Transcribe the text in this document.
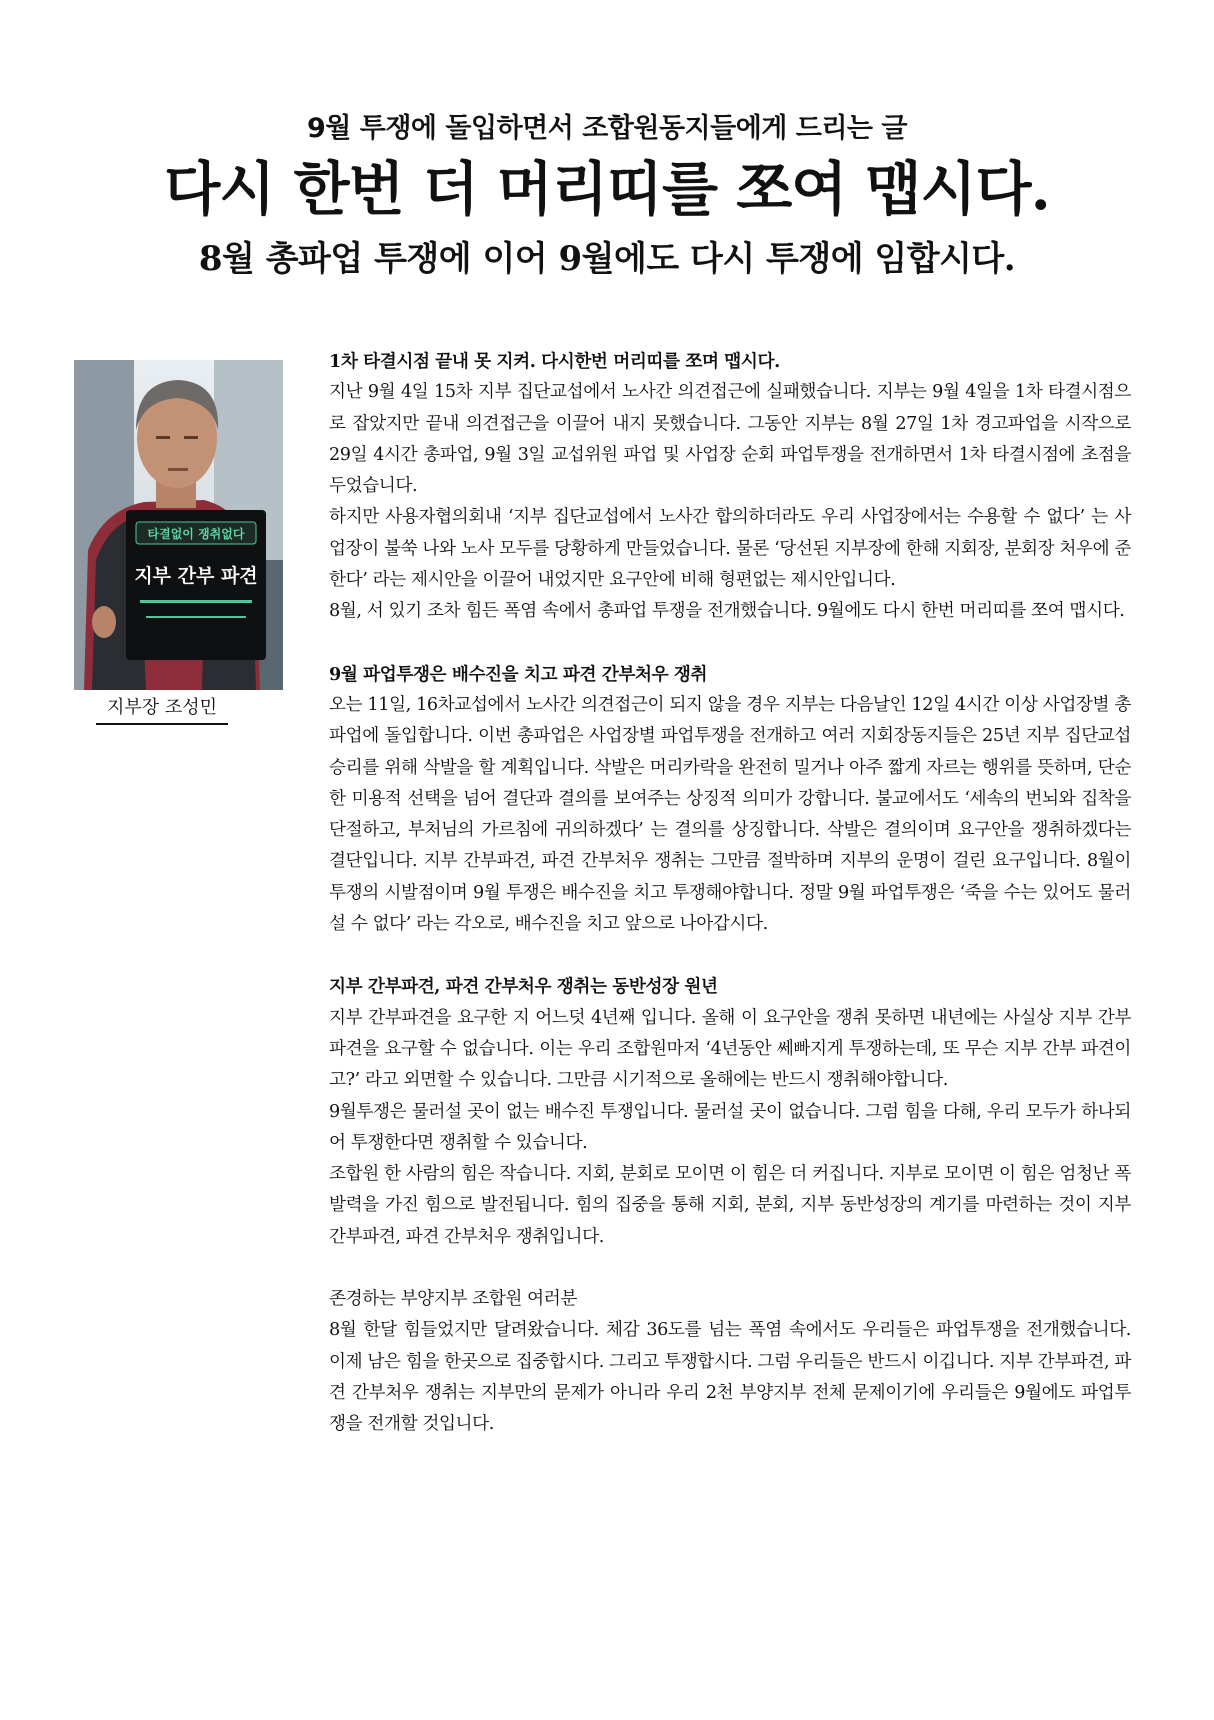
9월 투쟁에 돌입하면서 조합원동지들에게 드리는 글
다시 한번 더 머리띠를 쪼여 맵시다.
8월 총파업 투쟁에 이어 9월에도 다시 투쟁에 임합시다.
타결없이 쟁취없다
지부 간부 파견
지부장 조성민

1차 타결시점 끝내 못 지켜. 다시한번 머리띠를 쪼며 맵시다.

지난 9월 4일 15차 지부 집단교섭에서 노사간 의견접근에 실패했습니다. 지부는 9월 4일을 1차 타결시점으로 잡았지만 끝내 의견접근을 이끌어 내지 못했습니다. 그동안 지부는 8월 27일 1차 경고파업을 시작으로 29일 4시간 총파업, 9월 3일 교섭위원 파업 및 사업장 순회 파업투쟁을 전개하면서 1차 타결시점에 초점을 두었습니다.

하지만 사용자협의회내 ‘지부 집단교섭에서 노사간 합의하더라도 우리 사업장에서는 수용할 수 없다’ 는 사업장이 불쑥 나와 노사 모두를 당황하게 만들었습니다. 물론 ‘당선된 지부장에 한해 지회장, 분회장 처우에 준한다’ 라는 제시안을 이끌어 내었지만 요구안에 비해 형편없는 제시안입니다.

8월, 서 있기 조차 힘든 폭염 속에서 총파업 투쟁을 전개했습니다. 9월에도 다시 한번 머리띠를 쪼여 맵시다.

9월 파업투쟁은 배수진을 치고 파견 간부처우 쟁취

오는 11일, 16차교섭에서 노사간 의견접근이 되지 않을 경우 지부는 다음날인 12일 4시간 이상 사업장별 총파업에 돌입합니다. 이번 총파업은 사업장별 파업투쟁을 전개하고 여러 지회장동지들은 25년 지부 집단교섭 승리를 위해 삭발을 할 계획입니다. 삭발은 머리카락을 완전히 밀거나 아주 짧게 자르는 행위를 뜻하며, 단순한 미용적 선택을 넘어 결단과 결의를 보여주는 상징적 의미가 강합니다. 불교에서도 ‘세속의 번뇌와 집착을 단절하고, 부처님의 가르침에 귀의하겠다’ 는 결의를 상징합니다. 삭발은 결의이며 요구안을 쟁취하겠다는 결단입니다. 지부 간부파견, 파견 간부처우 쟁취는 그만큼 절박하며 지부의 운명이 걸린 요구입니다. 8월이 투쟁의 시발점이며 9월 투쟁은 배수진을 치고 투쟁해야합니다. 정말 9월 파업투쟁은 ‘죽을 수는 있어도 물러설 수 없다’ 라는 각오로, 배수진을 치고 앞으로 나아갑시다.

지부 간부파견, 파견 간부처우 쟁취는 동반성장 원년

지부 간부파견을 요구한 지 어느덧 4년째 입니다. 올해 이 요구안을 쟁취 못하면 내년에는 사실상 지부 간부파견을 요구할 수 없습니다. 이는 우리 조합원마저 ‘4년동안 쎄빠지게 투쟁하는데, 또 무슨 지부 간부 파견이고?’ 라고 외면할 수 있습니다. 그만큼 시기적으로 올해에는 반드시 쟁취해야합니다.

9월투쟁은 물러설 곳이 없는 배수진 투쟁입니다. 물러설 곳이 없습니다. 그럼 힘을 다해, 우리 모두가 하나되어 투쟁한다면 쟁취할 수 있습니다.

조합원 한 사람의 힘은 작습니다. 지회, 분회로 모이면 이 힘은 더 커집니다. 지부로 모이면 이 힘은 엄청난 폭발력을 가진 힘으로 발전됩니다. 힘의 집중을 통해 지회, 분회, 지부 동반성장의 계기를 마련하는 것이 지부 간부파견, 파견 간부처우 쟁취입니다.

존경하는 부양지부 조합원 여러분

8월 한달 힘들었지만 달려왔습니다. 체감 36도를 넘는 폭염 속에서도 우리들은 파업투쟁을 전개했습니다. 이제 남은 힘을 한곳으로 집중합시다. 그리고 투쟁합시다. 그럼 우리들은 반드시 이깁니다. 지부 간부파견, 파견 간부처우 쟁취는 지부만의 문제가 아니라 우리 2천 부양지부 전체 문제이기에 우리들은 9월에도 파업투쟁을 전개할 것입니다.
